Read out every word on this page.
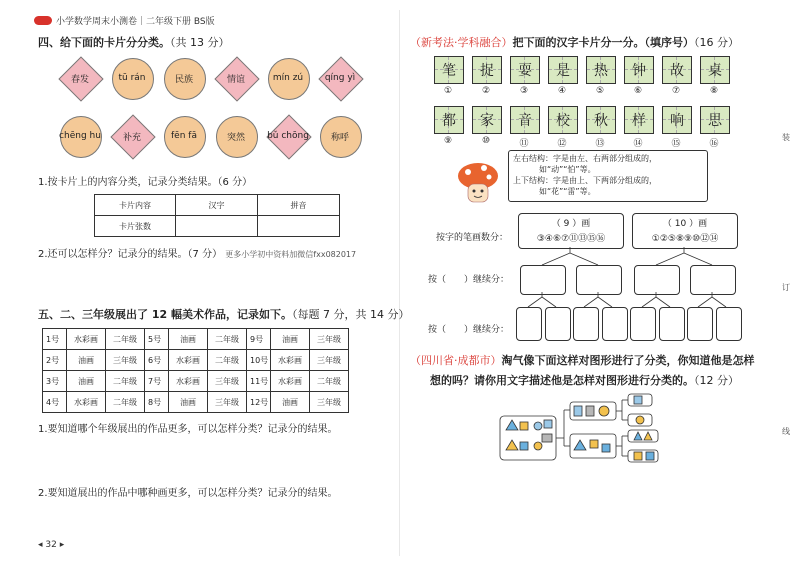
小学数学周末小测卷｜二年级下册 BS版
四、给下面的卡片分分类。（共 13 分）
春发	tū rán	民族	情谊	mín zú qíng yì
chēng hu 补充	fēn fā	突然 bǔ chōng 称呼
1.按卡片上的内容分类，记录分类结果。（6 分）
卡片内容	汉字	拼音
卡片张数		
2.还可以怎样分？记录分的结果。（7 分） 更多小学初中资料加微信fxx082017
五、二、三年级展出了 12 幅美术作品，记录如下。（每题 7 分，共 14 分）
1号	水彩画	二年级	5号	油画	二年级	9号	油画	三年级
2号	油画	三年级	6号	水彩画	二年级	10号	水彩画	三年级
3号	油画	二年级	7号	水彩画	三年级	11号	水彩画	二年级
4号	水彩画	二年级	8号	油画	三年级	12号	油画	三年级
1.要知道哪个年级展出的作品更多，可以怎样分类？记录分的结果。
2.要知道展出的作品中哪种画更多，可以怎样分类？记录分的结果。
◂ 32 ▸
（新考法·学科融合）把下面的汉字卡片分一分。（填序号）（16 分）
笔
①
捉
②
耍
③
是
④
热
⑤
钟
⑥
故
⑦
桌
⑧
都
⑨
家
⑩
音
⑪
校
⑫
秋
⑬
样
⑭
响
⑮
思
⑯
左右结构：字是由左、右两部分组成的，
如“动”“怕”等。
上下结构：字是由上、下两部分组成的，
如“花”“雷”等。
按字的笔画数分：
（ 9 ）画
③④⑥⑦⑪⑬⑮⑯
（ 10 ）画
①②⑤⑧⑨⑩⑫⑭
按（　　）继续分：
按（　　）继续分：
（四川省·成都市）淘气像下面这样对图形进行了分类，你知道他是怎样
想的吗？请你用文字描述他是怎样对图形进行分类的。（12 分）
装
订
线
